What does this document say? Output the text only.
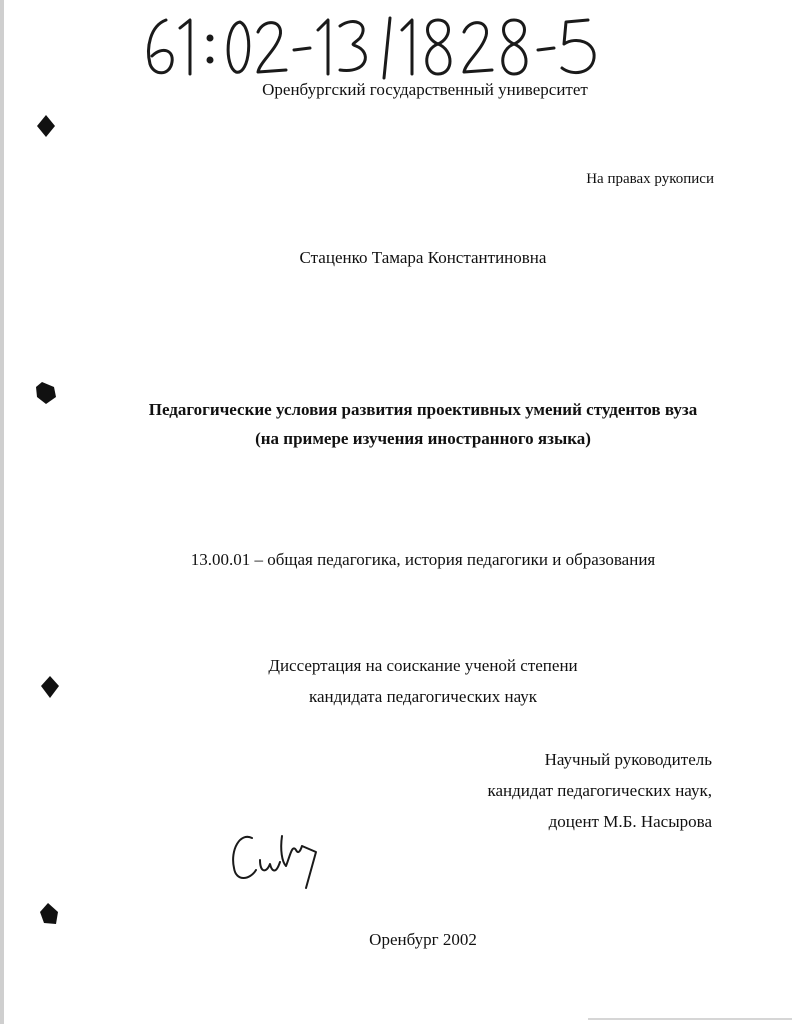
Оренбургский государственный университет
На правах рукописи
Стаценко Тамара Константиновна
Педагогические условия развития проективных умений студентов вуза
(на примере изучения иностранного языка)
13.00.01 – общая педагогика, история педагогики и образования
Диссертация на соискание ученой степени
кандидата педагогических наук
Научный руководитель
кандидат педагогических наук,
доцент М.Б. Насырова
Оренбург 2002
